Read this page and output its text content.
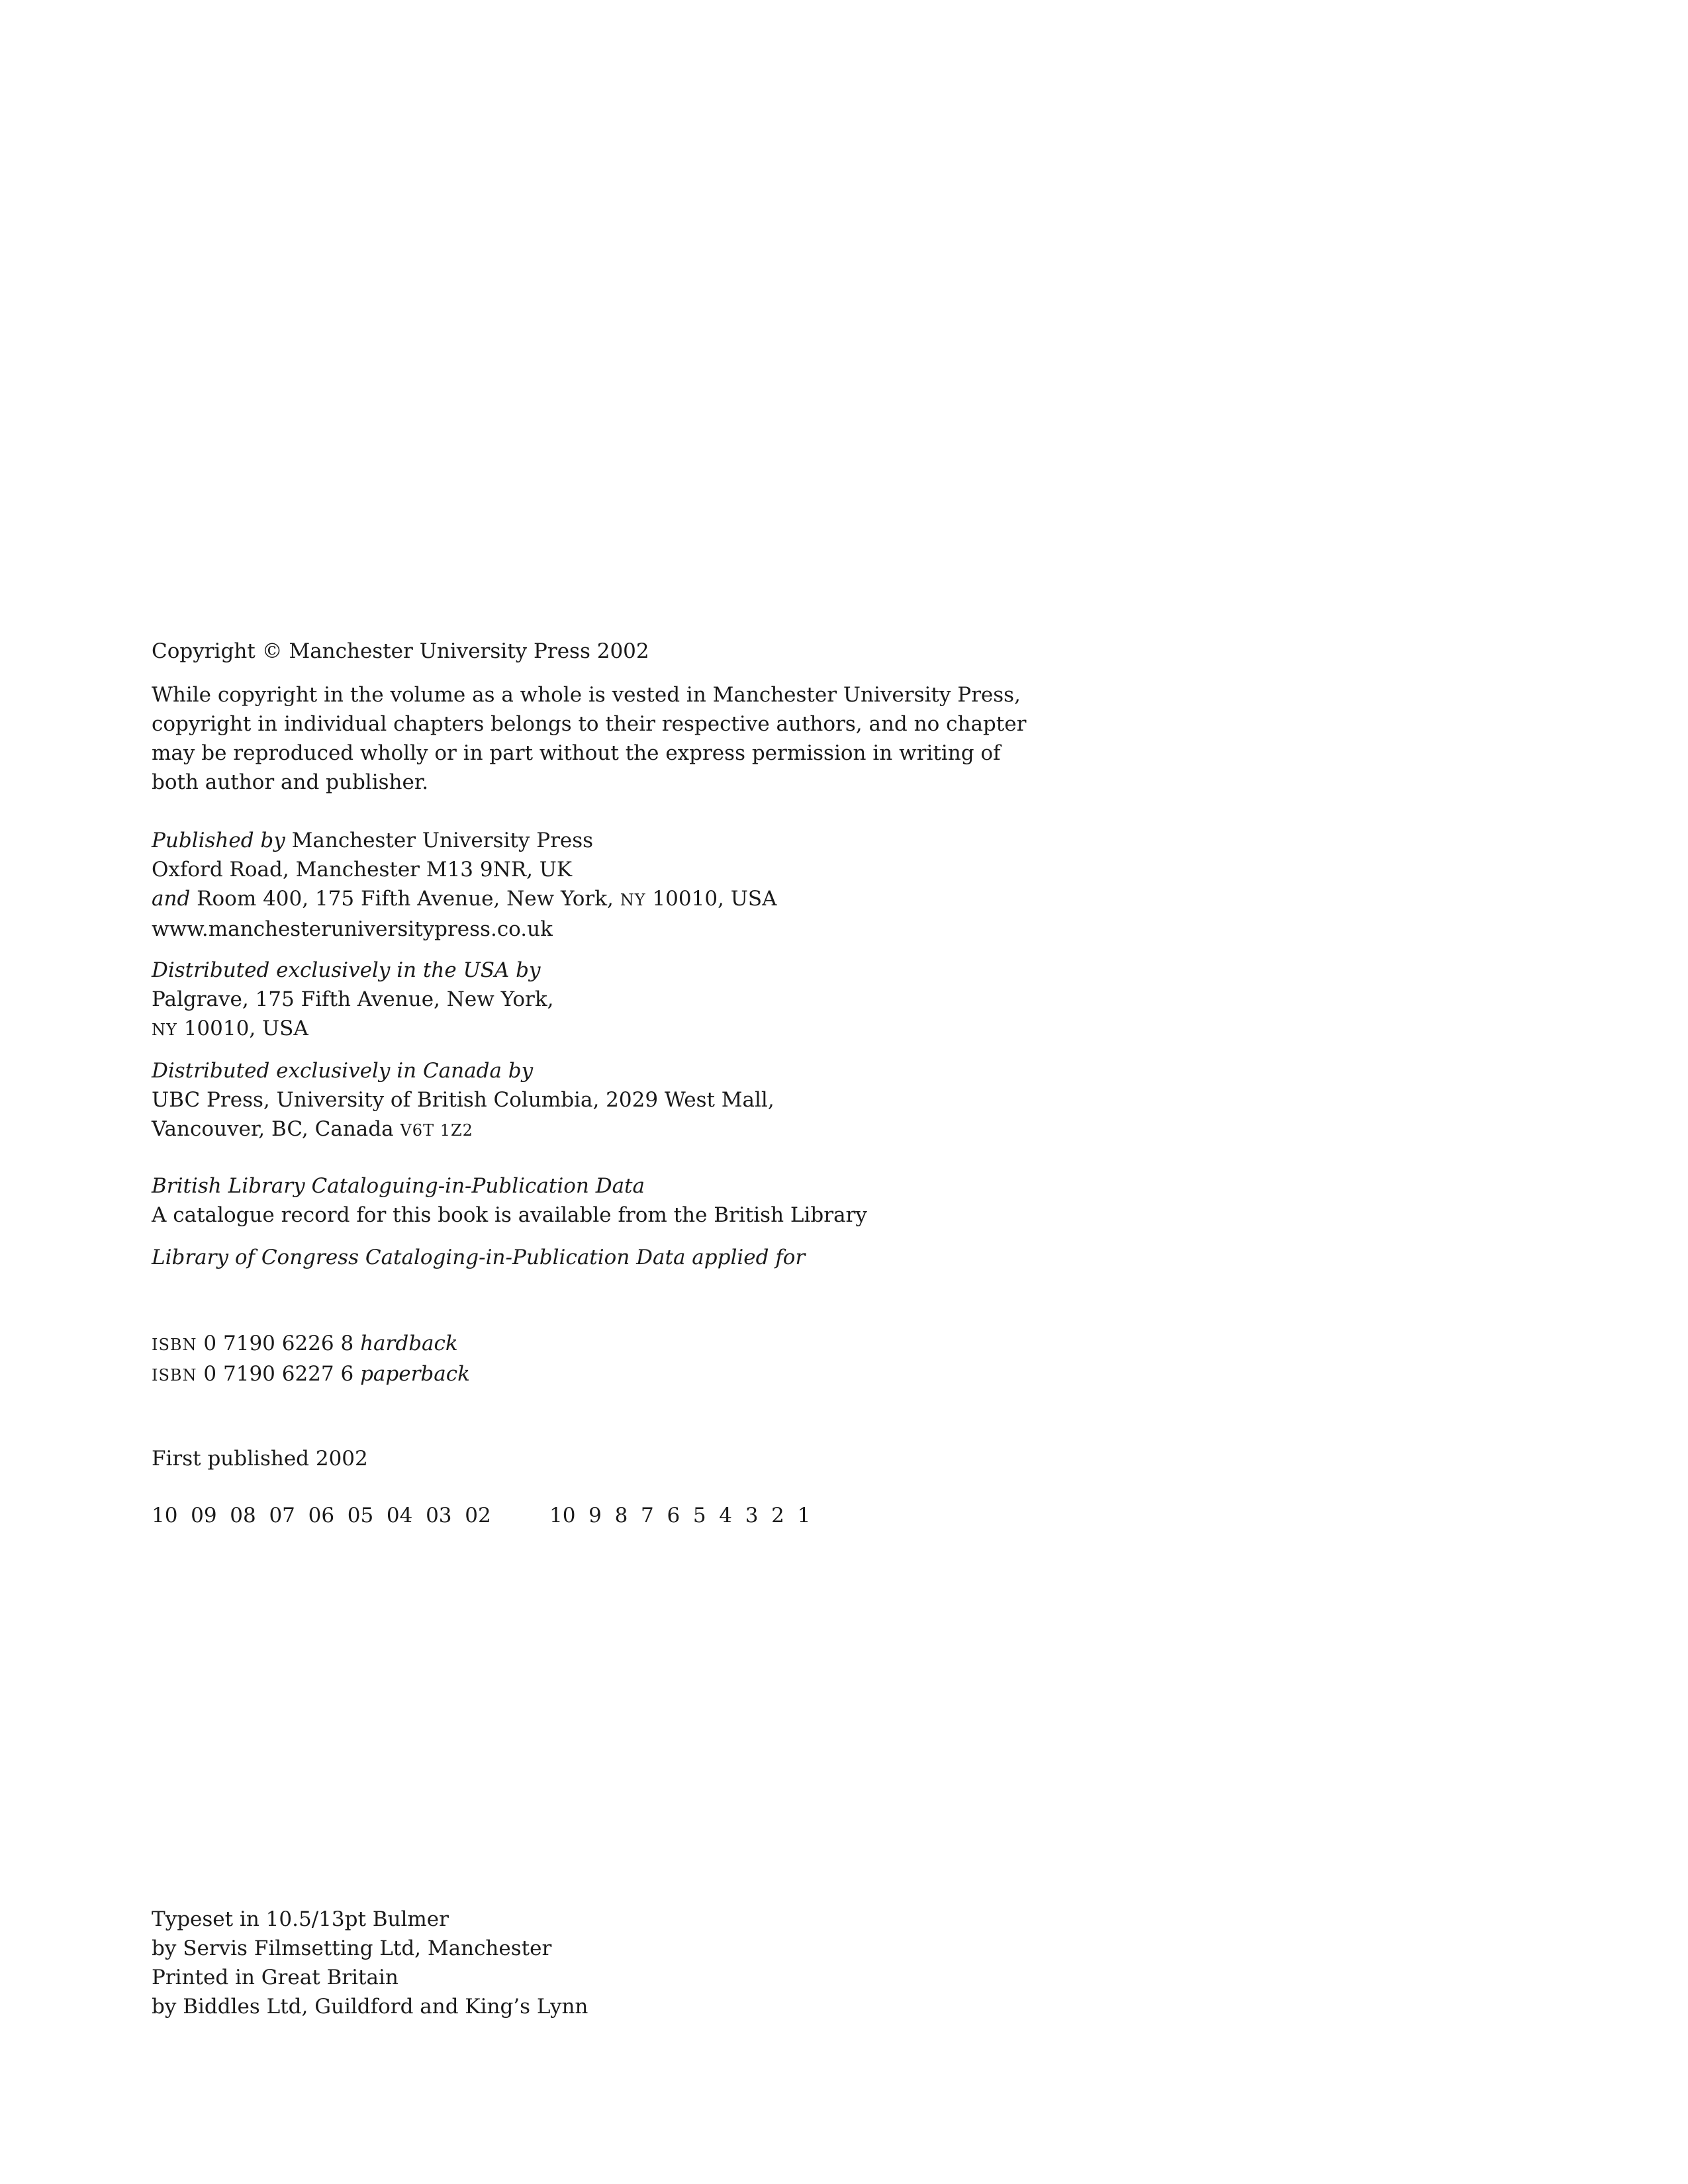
Copyright © Manchester University Press 2002
While copyright in the volume as a whole is vested in Manchester University Press,
copyright in individual chapters belongs to their respective authors, and no chapter
may be reproduced wholly or in part without the express permission in writing of
both author and publisher.
Published by Manchester University Press
Oxford Road, Manchester M13 9NR, UK
and Room 400, 175 Fifth Avenue, New York, NY 10010, USA
www.manchesteruniversitypress.co.uk
Distributed exclusively in the USA by
Palgrave, 175 Fifth Avenue, New York,
NY 10010, USA
Distributed exclusively in Canada by
UBC Press, University of British Columbia, 2029 West Mall,
Vancouver, BC, Canada V6T 1Z2
British Library Cataloguing-in-Publication Data
A catalogue record for this book is available from the British Library
Library of Congress Cataloging-in-Publication Data applied for
ISBN 0 7190 6226 8 hardback
ISBN 0 7190 6227 6 paperback
First published 2002
10  09  08  07  06  05  04  03  02	10  9  8  7  6  5  4  3  2  1
Typeset in 10.5/13pt Bulmer
by Servis Filmsetting Ltd, Manchester
Printed in Great Britain
by Biddles Ltd, Guildford and King’s Lynn
